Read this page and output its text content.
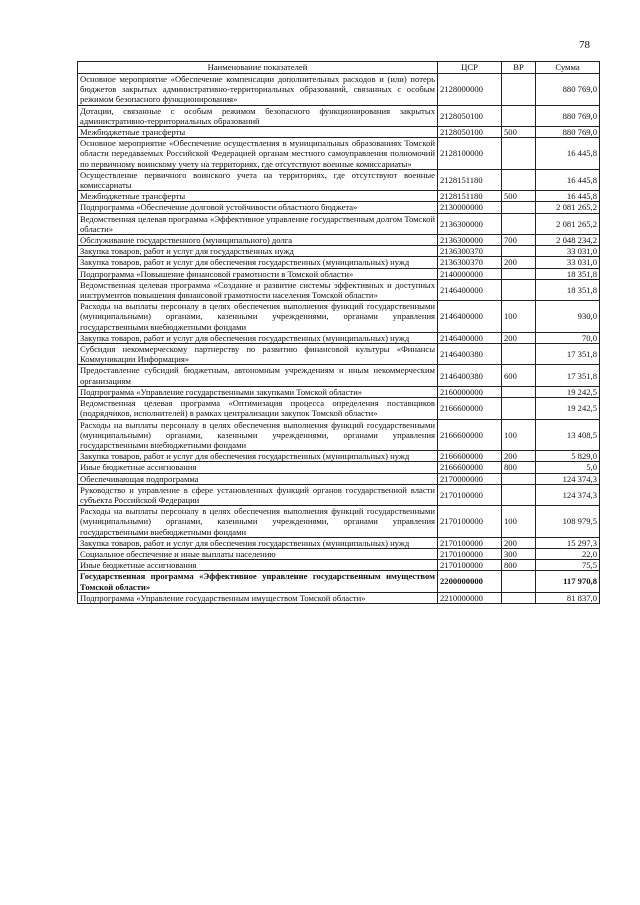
78
Наименование показателей	ЦСР	ВР	Сумма
Основное мероприятие «Обеспечение компенсации дополнительных расходов и (или) потерь бюджетов закрытых административно-территориальных образований, связанных с особым режимом безопасного функционирования»	2128000000		880 769,0
Дотации, связанные с особым режимом безопасного функционирования закрытых административно-территориальных образований	2128050100		880 769,0
Межбюджетные трансферты	2128050100	500	880 769,0
Основное мероприятие «Обеспечение осуществления в муниципальных образованиях Томской области передаваемых Российской Федерацией органам местного самоуправления полномочий по первичному воинскому учету на территориях, где отсутствуют военные комиссариаты»	2128100000		16 445,8
Осуществление первичного воинского учета на территориях, где отсутствуют военные комиссариаты	2128151180		16 445,8
Межбюджетные трансферты	2128151180	500	16 445,8
Подпрограмма «Обеспечение долговой устойчивости областного бюджета»	2130000000		2 081 265,2
Ведомственная целевая программа «Эффективное управление государственным долгом Томской области»	2136300000		2 081 265,2
Обслуживание государственного (муниципального) долга	2136300000	700	2 048 234,2
Закупка товаров, работ и услуг для государственных нужд	2136300370		33 031,0
Закупка товаров, работ и услуг для обеспечения государственных (муниципальных) нужд	2136300370	200	33 031,0
Подпрограмма «Повышение финансовой грамотности в Томской области»	2140000000		18 351,8
Ведомственная целевая программа «Создание и развитие системы эффективных и доступных инструментов повышения финансовой грамотности населения Томской области»	2146400000		18 351,8
Расходы на выплаты персоналу в целях обеспечения выполнения функций государственными (муниципальными) органами, казенными учреждениями, органами управления государственными внебюджетными фондами	2146400000	100	930,0
Закупка товаров, работ и услуг для обеспечения государственных (муниципальных) нужд	2146400000	200	70,0
Субсидия некоммерческому партнерству по развитию финансовой культуры «Финансы Коммуникации Информация»	2146400380		17 351,8
Предоставление субсидий бюджетным, автономным учреждениям и иным некоммерческим организациям	2146400380	600	17 351,8
Подпрограмма «Управление государственными закупками Томской области»	2160000000		19 242,5
Ведомственная целевая программа «Оптимизация процесса определения поставщиков (подрядчиков, исполнителей) в рамках централизации закупок Томской области»	2166600000		19 242,5
Расходы на выплаты персоналу в целях обеспечения выполнения функций государственными (муниципальными) органами, казенными учреждениями, органами управления государственными внебюджетными фондами	2166600000	100	13 408,5
Закупка товаров, работ и услуг для обеспечения государственных (муниципальных) нужд	2166600000	200	5 829,0
Иные бюджетные ассигнования	2166600000	800	5,0
Обеспечивающая подпрограмма	2170000000		124 374,3
Руководство и управление в сфере установленных функций органов государственной власти субъекта Российской Федерации	2170100000		124 374,3
Расходы на выплаты персоналу в целях обеспечения выполнения функций государственными (муниципальными) органами, казенными учреждениями, органами управления государственными внебюджетными фондами	2170100000	100	108 979,5
Закупка товаров, работ и услуг для обеспечения государственных (муниципальных) нужд	2170100000	200	15 297,3
Социальное обеспечение и иные выплаты населению	2170100000	300	22,0
Иные бюджетные ассигнования	2170100000	800	75,5
Государственная программа «Эффективное управление государственным имуществом Томской области»	2200000000		117 970,8
Подпрограмма «Управление государственным имуществом Томской области»	2210000000		81 837,0
